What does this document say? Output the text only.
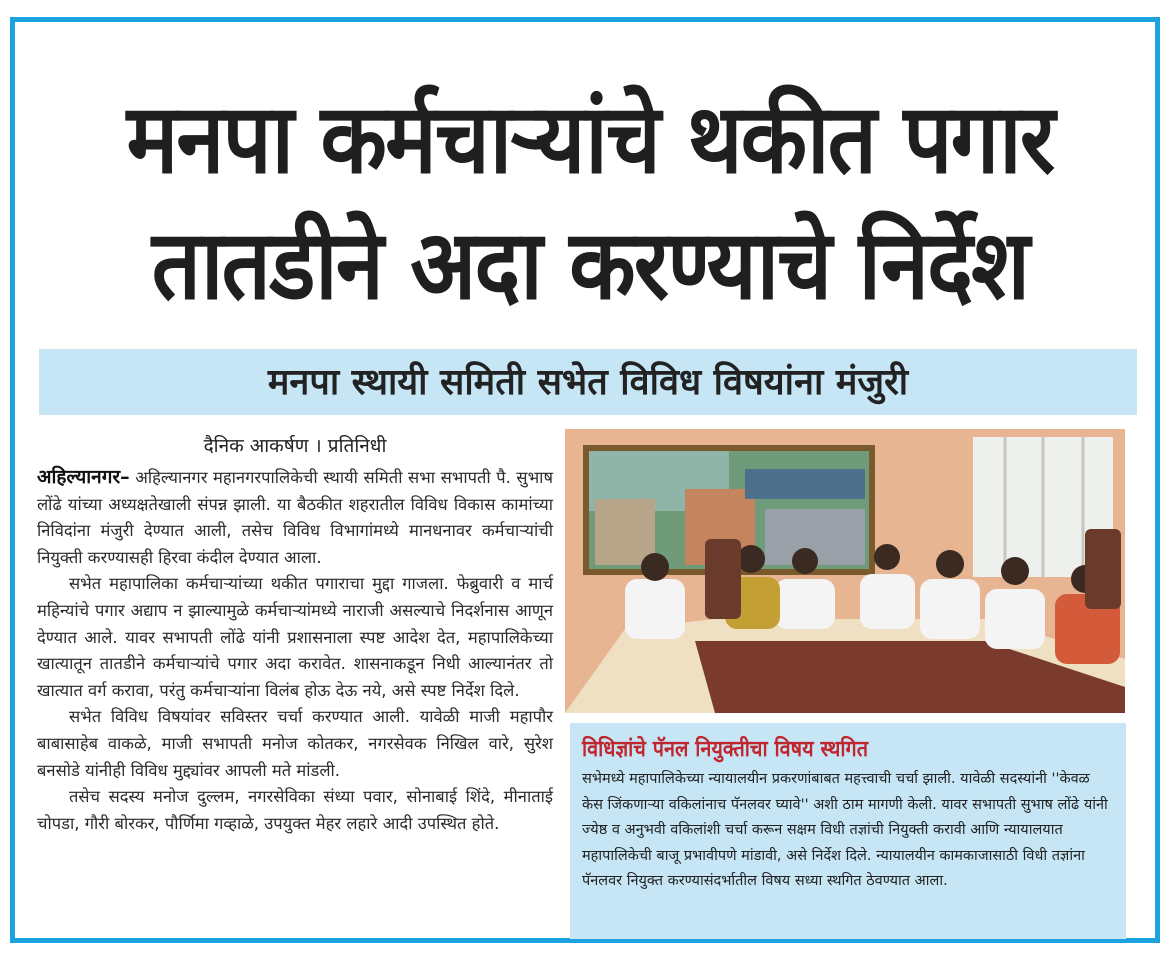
मनपा कर्मचाऱ्यांचे थकीत पगार
तातडीने अदा करण्याचे निर्देश
मनपा स्थायी समिती सभेत विविध विषयांना मंजुरी
दैनिक आकर्षण । प्रतिनिधी

अहिल्यानगर– अहिल्यानगर महानगरपालिकेची स्थायी समिती सभा सभापती पै. सुभाष लोंढे यांच्या अध्यक्षतेखाली संपन्न झाली. या बैठकीत शहरातील विविध विकास कामांच्या निविदांना मंजुरी देण्यात आली, तसेच विविध विभागांमध्ये मानधनावर कर्मचाऱ्यांची नियुक्ती करण्यासही हिरवा कंदील देण्यात आला.

सभेत महापालिका कर्मचाऱ्यांच्या थकीत पगाराचा मुद्दा गाजला. फेब्रुवारी व मार्च महिन्यांचे पगार अद्याप न झाल्यामुळे कर्मचाऱ्यांमध्ये नाराजी असल्याचे निदर्शनास आणून देण्यात आले. यावर सभापती लोंढे यांनी प्रशासनाला स्पष्ट आदेश देत, महापालिकेच्या खात्यातून तातडीने कर्मचाऱ्यांचे पगार अदा करावेत. शासनाकडून निधी आल्यानंतर तो खात्यात वर्ग करावा, परंतु कर्मचाऱ्यांना विलंब होऊ देऊ नये, असे स्पष्ट निर्देश दिले.

सभेत विविध विषयांवर सविस्तर चर्चा करण्यात आली. यावेळी माजी महापौर बाबासाहेब वाकळे, माजी सभापती मनोज कोतकर, नगरसेवक निखिल वारे, सुरेश बनसोडे यांनीही विविध मुद्द्यांवर आपली मते मांडली.

तसेच सदस्य मनोज दुल्लम, नगरसेविका संध्या पवार, सोनाबाई शिंदे, मीनाताई चोपडा, गौरी बोरकर, पौर्णिमा गव्हाळे, उपयुक्त मेहर लहारे आदी उपस्थित होते.

विधिज्ञांचे पॅनल नियुक्तीचा विषय स्थगित

सभेमध्ये महापालिकेच्या न्यायालयीन प्रकरणांबाबत महत्त्वाची चर्चा झाली. यावेळी सदस्यांनी ''केवळ केस जिंकणाऱ्या वकिलांनाच पॅनलवर घ्यावे'' अशी ठाम मागणी केली. यावर सभापती सुभाष लोंढे यांनी ज्येष्ठ व अनुभवी वकिलांशी चर्चा करून सक्षम विधी तज्ञांची नियुक्ती करावी आणि न्यायालयात महापालिकेची बाजू प्रभावीपणे मांडावी, असे निर्देश दिले. न्यायालयीन कामकाजासाठी विधी तज्ञांना पॅनलवर नियुक्त करण्यासंदर्भातील विषय सध्या स्थगित ठेवण्यात आला.
